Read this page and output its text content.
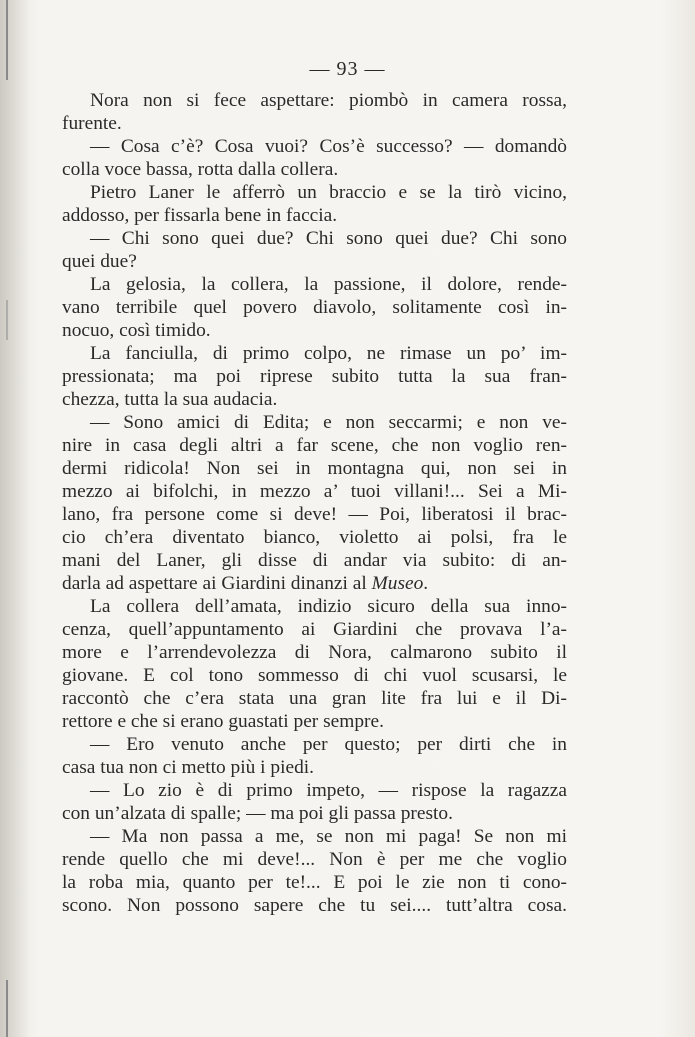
— 93 —
Nora non si fece aspettare: piombò in camera rossa,
furente.
— Cosa c’è? Cosa vuoi? Cos’è successo? — domandò
colla voce bassa, rotta dalla collera.
Pietro Laner le afferrò un braccio e se la tirò vicino,
addosso, per fissarla bene in faccia.
— Chi sono quei due? Chi sono quei due? Chi sono
quei due?
La gelosia, la collera, la passione, il dolore, rende-
vano terribile quel povero diavolo, solitamente così in-
nocuo, così timido.
La fanciulla, di primo colpo, ne rimase un po’ im-
pressionata; ma poi riprese subito tutta la sua fran-
chezza, tutta la sua audacia.
— Sono amici di Edita; e non seccarmi; e non ve-
nire in casa degli altri a far scene, che non voglio ren-
dermi ridicola! Non sei in montagna qui, non sei in
mezzo ai bifolchi, in mezzo a’ tuoi villani!... Sei a Mi-
lano, fra persone come si deve! — Poi, liberatosi il brac-
cio ch’era diventato bianco, violetto ai polsi, fra le
mani del Laner, gli disse di andar via subito: di an-
darla ad aspettare ai Giardini dinanzi al Museo.
La collera dell’amata, indizio sicuro della sua inno-
cenza, quell’appuntamento ai Giardini che provava l’a-
more e l’arrendevolezza di Nora, calmarono subito il
giovane. E col tono sommesso di chi vuol scusarsi, le
raccontò che c’era stata una gran lite fra lui e il Di-
rettore e che si erano guastati per sempre.
— Ero venuto anche per questo; per dirti che in
casa tua non ci metto più i piedi.
— Lo zio è di primo impeto, — rispose la ragazza
con un’alzata di spalle; — ma poi gli passa presto.
— Ma non passa a me, se non mi paga! Se non mi
rende quello che mi deve!... Non è per me che voglio
la roba mia, quanto per te!... E poi le zie non ti cono-
scono. Non possono sapere che tu sei.... tutt’altra cosa.
